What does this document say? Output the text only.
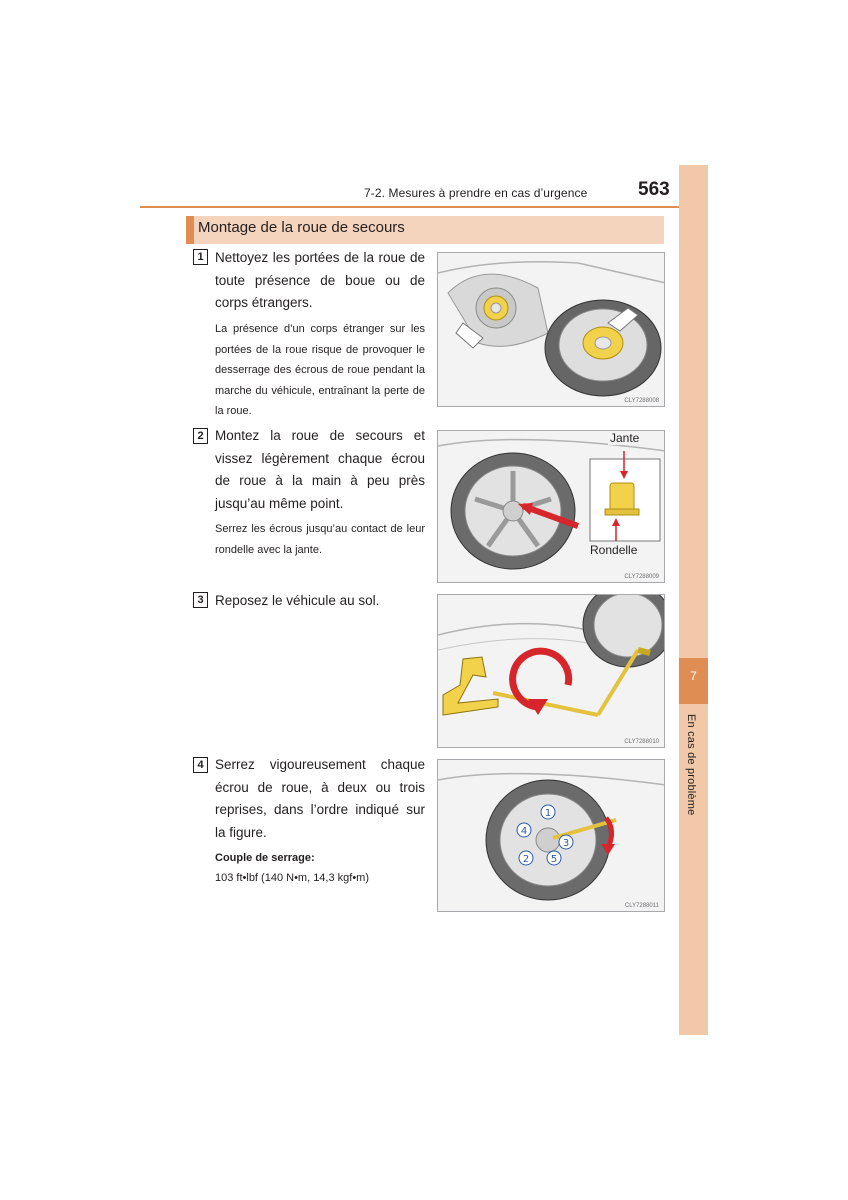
7-2. Mesures à prendre en cas d’urgence	563
7
En cas de problème
Montage de la roue de secours
1 Nettoyez les portées de la roue de toute présence de boue ou de corps étrangers.
La présence d’un corps étranger sur les portées de la roue risque de provoquer le desserrage des écrous de roue pendant la marche du véhicule, entraînant la perte de la roue.
CLY7288008
2 Montez la roue de secours et vissez légèrement chaque écrou de roue à la main à peu près jusqu’au même point.
Serrez les écrous jusqu’au contact de leur rondelle avec la jante.
Jante
Rondelle
CLY7288009
3 Reposez le véhicule au sol.
CLY7288010
4 Serrez vigoureusement chaque écrou de roue, à deux ou trois reprises, dans l’ordre indiqué sur la figure.
Couple de serrage:
103 ft•lbf (140 N•m, 14,3 kgf•m)
1
2
3
4
5
CLY7288011
